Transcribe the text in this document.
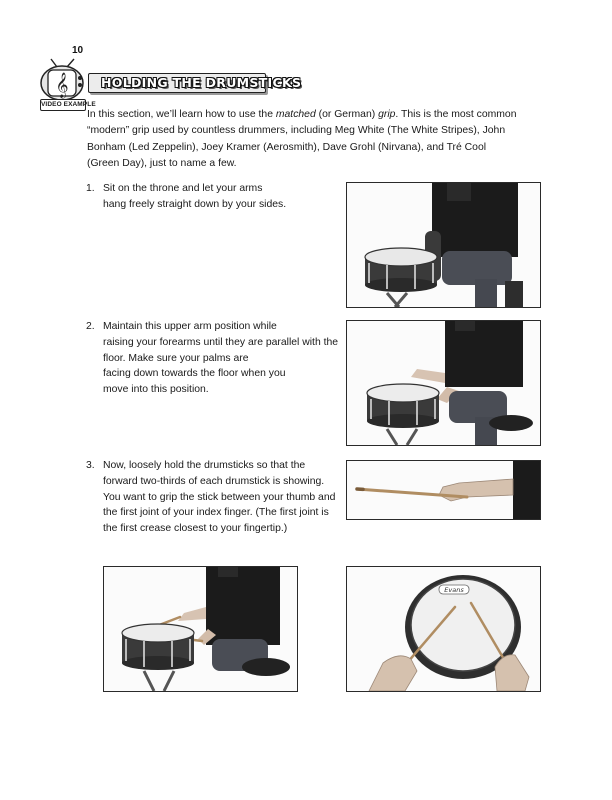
10
𝄞
VIDEO EXAMPLE
HOLDING THE DRUMSTICKS

In this section, we’ll learn how to use the matched (or German) grip. This is the most common “modern” grip used by countless drummers, including Meg White (The White Stripes), John Bonham (Led Zeppelin), Joey Kramer (Aerosmith), Dave Grohl (Nirvana), and Tré Cool (Green Day), just to name a few.

1. Sit on the throne and let your arms
hang freely straight down by your sides.
2. Maintain this upper arm position while
raising your forearms until they are parallel with the
floor. Make sure your palms are
facing down towards the floor when you
move into this position.
3. Now, loosely hold the drumsticks so that the
forward two-thirds of each drumstick is showing.
You want to grip the stick between your thumb and
the first joint of your index finger. (The first joint is
the first crease closest to your fingertip.)
Evans
